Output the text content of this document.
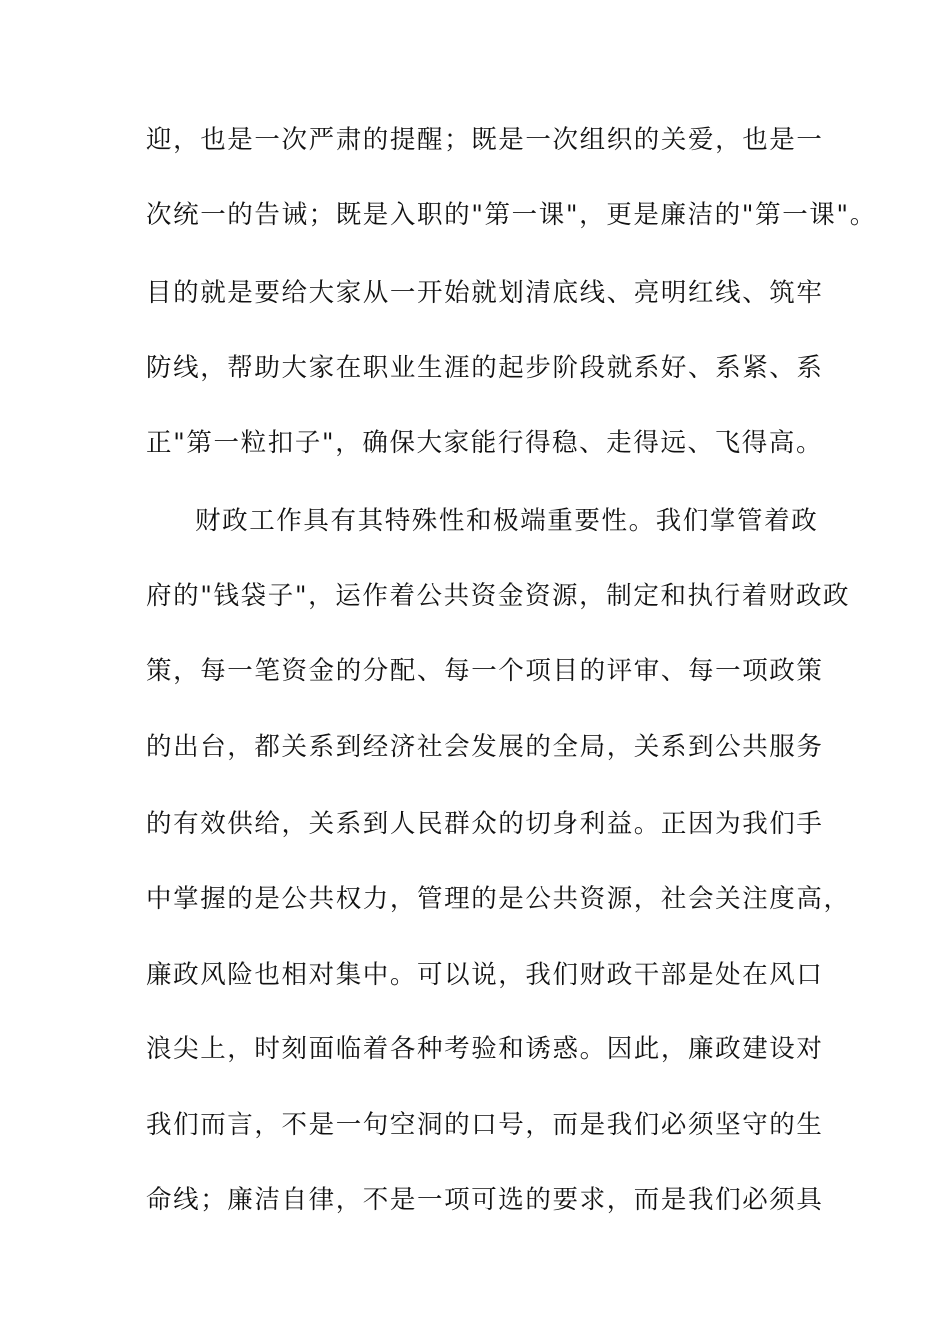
迎，也是一次严肃的提醒；既是一次组织的关爱，也是一
次统一的告诫；既是入职的"第一课"，更是廉洁的"第一课"。
目的就是要给大家从一开始就划清底线、亮明红线、筑牢
防线，帮助大家在职业生涯的起步阶段就系好、系紧、系
正"第一粒扣子"，确保大家能行得稳、走得远、飞得高。
财政工作具有其特殊性和极端重要性。我们掌管着政
府的"钱袋子"，运作着公共资金资源，制定和执行着财政政
策，每一笔资金的分配、每一个项目的评审、每一项政策
的出台，都关系到经济社会发展的全局，关系到公共服务
的有效供给，关系到人民群众的切身利益。正因为我们手
中掌握的是公共权力，管理的是公共资源，社会关注度高，
廉政风险也相对集中。可以说，我们财政干部是处在风口
浪尖上，时刻面临着各种考验和诱惑。因此，廉政建设对
我们而言，不是一句空洞的口号，而是我们必须坚守的生
命线；廉洁自律，不是一项可选的要求，而是我们必须具
